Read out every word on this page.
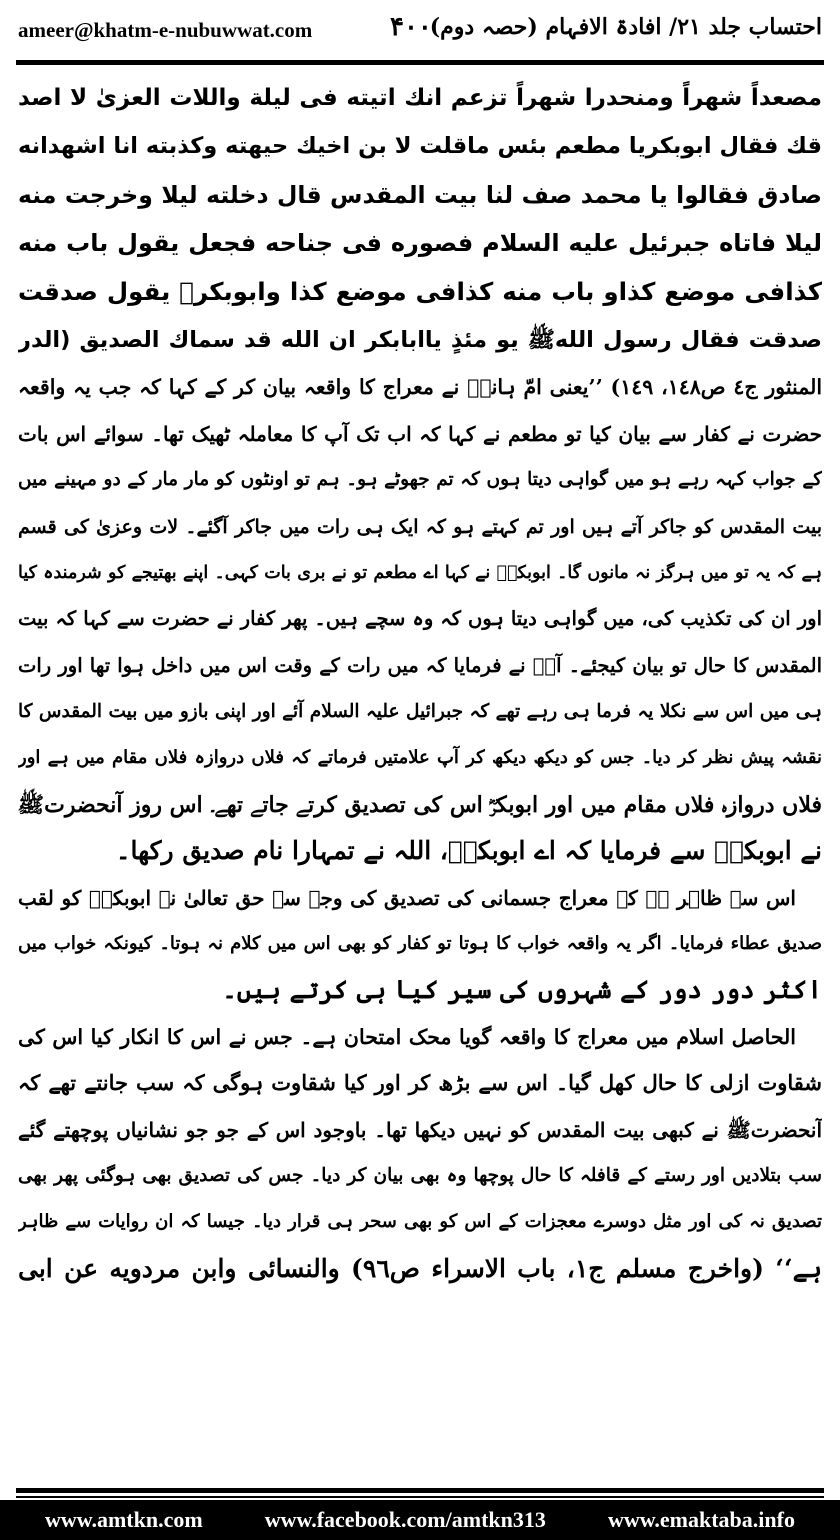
ameer@khatm-e-nubuwwat.com	۴۰۰
احتساب جلد ۲۱/ افادۃ الافہام (حصہ دوم)
مصعداً شهراً ومنحدرا شهراً تزعم انك اتيته فى ليلة واللات العزىٰ لا اصد
قك فقال ابوبكريا مطعم بئس ماقلت لا بن اخيك حيهته وكذبته انا اشهدانه
صادق فقالوا يا محمد صف لنا بيت المقدس قال دخلته ليلا وخرجت منه
ليلا فاتاه جبرئيل عليه السلام فصوره فى جناحه فجعل يقول باب منه
كذافى موضع كذاو باب منه كذافى موضع كذا وابوبكرؓ يقول صدقت
صدقت فقال رسول اللهﷺ يو مئذٍ ياابابكر ان الله قد سماك الصديق (الدر
المنثور ج٤ ص١٤٨، ١٤٩) ’’یعنی امّ ہانیؓ نے معراج کا واقعہ بیان کر کے کہا کہ جب یہ واقعہ
حضرت نے کفار سے بیان کیا تو مطعم نے کہا کہ اب تک آپ کا معاملہ ٹھیک تھا۔ سوائے اس بات
کے جواب کہہ رہے ہو میں گواہی دیتا ہوں کہ تم جھوٹے ہو۔ ہم تو اونٹوں کو مار مار کے دو مہینے میں
بیت المقدس کو جاکر آتے ہیں اور تم کہتے ہو کہ ایک ہی رات میں جاکر آگئے۔ لات وعزیٰ کی قسم
ہے کہ یہ تو میں ہرگز نہ مانوں گا۔ ابوبکرؓ نے کہا اے مطعم تو نے بری بات کہی۔ اپنے بھتیجے کو شرمندہ کیا
اور ان کی تکذیب کی، میں گواہی دیتا ہوں کہ وہ سچے ہیں۔ پھر کفار نے حضرت سے کہا کہ بیت
المقدس کا حال تو بیان کیجئے۔ آپؐ نے فرمایا کہ میں رات کے وقت اس میں داخل ہوا تھا اور رات
ہی میں اس سے نکلا یہ فرما ہی رہے تھے کہ جبرائیل علیہ السلام آئے اور اپنی بازو میں بیت المقدس کا
نقشہ پیش نظر کر دیا۔ جس کو دیکھ دیکھ کر آپ علامتیں فرماتے کہ فلاں دروازہ فلاں مقام میں ہے اور
فلاں دروازہ فلاں مقام میں اور ابوبکرؓ اس کی تصدیق کرتے جاتے تھے۔ اس روز آنحضرتﷺ
نے ابوبکرؓ سے فرمایا کہ اے ابوبکرؓ، اللہ نے تمہارا نام صدیق رکھا۔
اس سے ظاہر ہے کہ معراج جسمانی کی تصدیق کی وجہ سے حق تعالیٰ نے ابوبکرؓ کو لقب
صدیق عطاء فرمایا۔ اگر یہ واقعہ خواب کا ہوتا تو کفار کو بھی اس میں کلام نہ ہوتا۔ کیونکہ خواب میں
اکثر دور دور کے شہروں کی سیر کیا ہی کرتے ہیں۔
الحاصل اسلام میں معراج کا واقعہ گویا محک امتحان ہے۔ جس نے اس کا انکار کیا اس کی
شقاوت ازلی کا حال کھل گیا۔ اس سے بڑھ کر اور کیا شقاوت ہوگی کہ سب جانتے تھے کہ
آنحضرتﷺ نے کبھی بیت المقدس کو نہیں دیکھا تھا۔ باوجود اس کے جو جو نشانیاں پوچھتے گئے
سب بتلادیں اور رستے کے قافلہ کا حال پوچھا وہ بھی بیان کر دیا۔ جس کی تصدیق بھی ہوگئی پھر بھی
تصدیق نہ کی اور مثل دوسرے معجزات کے اس کو بھی سحر ہی قرار دیا۔ جیسا کہ ان روایات سے ظاہر
ہے‘‘ (واخرج مسلم ج١، باب الاسراء ص٩٦) والنسائی وابن مردویه عن ابی
www.amtkn.com	www.facebook.com/amtkn313	www.emaktaba.info
